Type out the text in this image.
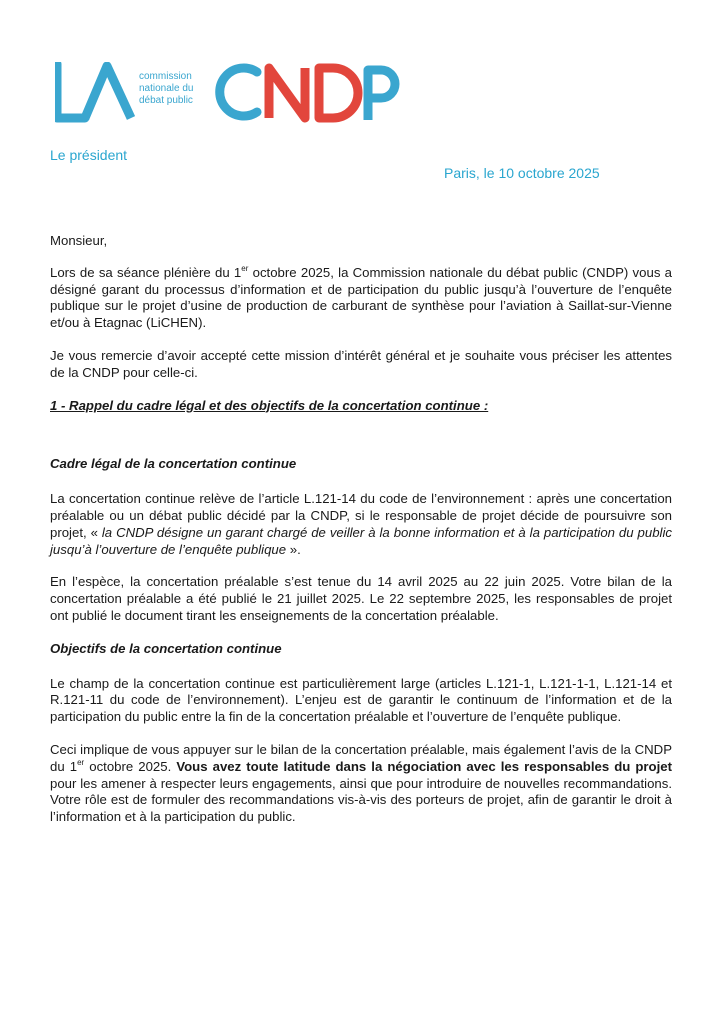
commission
nationale du
débat public
Le président
Paris, le 10 octobre 2025

Monsieur,

Lors de sa séance plénière du 1er octobre 2025, la Commission nationale du débat public (CNDP) vous a désigné garant du processus d’information et de participation du public jusqu’à l’ouverture de l’enquête publique sur le projet d’usine de production de carburant de synthèse pour l’aviation à Saillat-sur-Vienne et/ou à Etagnac (LiCHEN).

Je vous remercie d’avoir accepté cette mission d’intérêt général et je souhaite vous préciser les attentes de la CNDP pour celle-ci.

1 - Rappel du cadre légal et des objectifs de la concertation continue :

Cadre légal de la concertation continue

La concertation continue relève de l’article L.121-14 du code de l’environnement : après une concertation préalable ou un débat public décidé par la CNDP, si le responsable de projet décide de poursuivre son projet, « la CNDP désigne un garant chargé de veiller à la bonne information et à la participation du public jusqu’à l’ouverture de l’enquête publique ».

En l’espèce, la concertation préalable s’est tenue du 14 avril 2025 au 22 juin 2025. Votre bilan de la concertation préalable a été publié le 21 juillet 2025. Le 22 septembre 2025, les responsables de projet ont publié le document tirant les enseignements de la concertation préalable.

Objectifs de la concertation continue

Le champ de la concertation continue est particulièrement large (articles L.121-1, L.121-1-1, L.121-14 et R.121-11 du code de l’environnement). L’enjeu est de garantir le continuum de l’information et de la participation du public entre la fin de la concertation préalable et l’ouverture de l’enquête publique.

Ceci implique de vous appuyer sur le bilan de la concertation préalable, mais également l’avis de la CNDP du 1er octobre 2025. Vous avez toute latitude dans la négociation avec les responsables du projet pour les amener à respecter leurs engagements, ainsi que pour introduire de nouvelles recommandations. Votre rôle est de formuler des recommandations vis-à-vis des porteurs de projet, afin de garantir le droit à l’information et à la participation du public.
